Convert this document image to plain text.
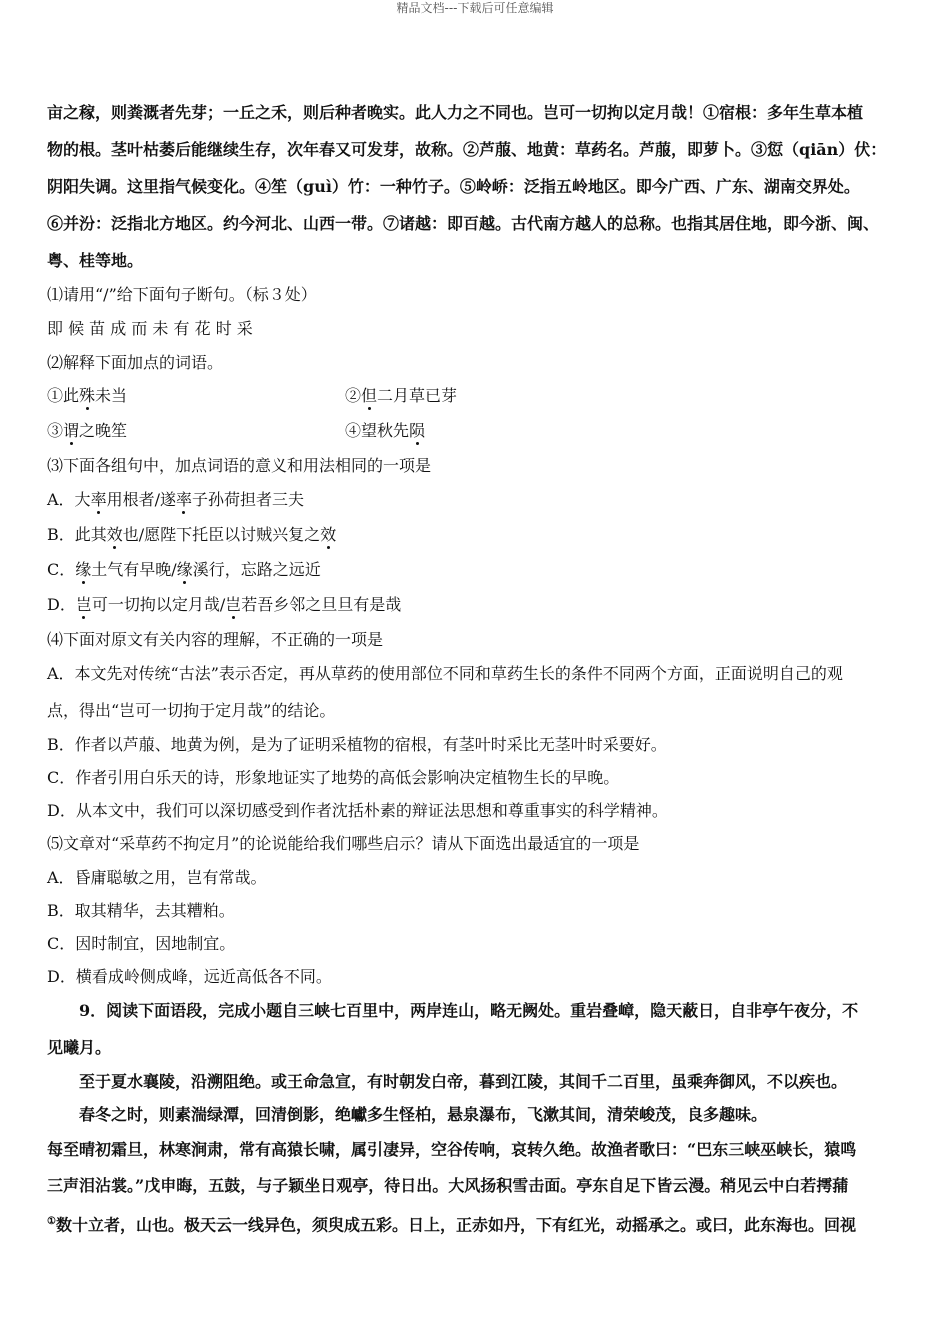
精品文档---下载后可任意编辑
亩之稼，则粪溉者先芽；一丘之禾，则后种者晚实。此人力之不同也。岂可一切拘以定月哉！①宿根：多年生草本植
物的根。茎叶枯萎后能继续生存，次年春又可发芽，故称。②芦菔、地黄：草药名。芦菔，即萝卜。③愆（qiān）伏：
阴阳失调。这里指气候变化。④笙（guì）竹：一种竹子。⑤岭峤：泛指五岭地区。即今广西、广东、湖南交界处。
⑥并汾：泛指北方地区。约今河北、山西一带。⑦诸越：即百越。古代南方越人的总称。也指其居住地，即今浙、闽、
粤、桂等地。
⑴请用“/”给下面句子断句。（标３处）
即 候 苗 成 而 未 有 花 时 采
⑵解释下面加点的词语。
①此殊未当	②但二月草已芽
③谓之晚笙	④望秋先陨
⑶下面各组句中，加点词语的意义和用法相同的一项是
A．大率用根者/遂率子孙荷担者三夫
B．此其效也/愿陛下托臣以讨贼兴复之效
C．缘土气有早晚/缘溪行，忘路之远近
D．岂可一切拘以定月哉/岂若吾乡邻之旦旦有是哉
⑷下面对原文有关内容的理解，不正确的一项是
A．本文先对传统“古法”表示否定，再从草药的使用部位不同和草药生长的条件不同两个方面，正面说明自己的观
点，得出“岂可一切拘于定月哉”的结论。
B．作者以芦菔、地黄为例，是为了证明采植物的宿根，有茎叶时采比无茎叶时采要好。
C．作者引用白乐天的诗，形象地证实了地势的高低会影响决定植物生长的早晚。
D．从本文中，我们可以深切感受到作者沈括朴素的辩证法思想和尊重事实的科学精神。
⑸文章对“采草药不拘定月”的论说能给我们哪些启示？请从下面选出最适宜的一项是
A．昏庸聪敏之用，岂有常哉。
B．取其精华，去其糟粕。
C．因时制宜，因地制宜。
D．横看成岭侧成峰，远近高低各不同。
9．阅读下面语段，完成小题自三峡七百里中，两岸连山，略无阙处。重岩叠嶂，隐天蔽日，自非亭午夜分，不
见曦月。
至于夏水襄陵，沿溯阻绝。或王命急宣，有时朝发白帝，暮到江陵，其间千二百里，虽乘奔御风，不以疾也。
春冬之时，则素湍绿潭，回清倒影，绝巘多生怪柏，悬泉瀑布，飞漱其间，清荣峻茂，良多趣味。
每至晴初霜旦，林寒涧肃，常有高猿长啸，属引凄异，空谷传响，哀转久绝。故渔者歌曰：“巴东三峡巫峡长，猿鸣
三声泪沾裳。”戊申晦，五鼓，与子颖坐日观亭，待日出。大风扬积雪击面。亭东自足下皆云漫。稍见云中白若摴蒱
①数十立者，山也。极天云一线异色，须臾成五彩。日上，正赤如丹，下有红光，动摇承之。或曰，此东海也。回视
